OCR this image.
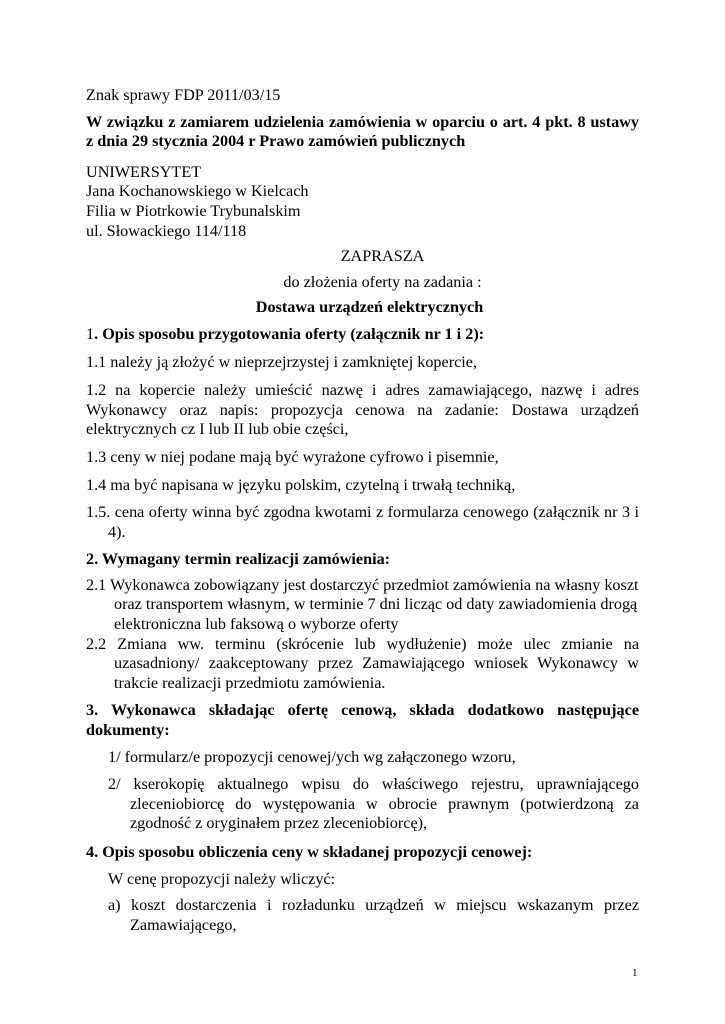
Znak sprawy FDP 2011/03/15

W związku z zamiarem udzielenia zamówienia w oparciu o art. 4 pkt. 8 ustawy z dnia 29 stycznia 2004 r Prawo zamówień publicznych

UNIWERSYTET

Jana Kochanowskiego w Kielcach

Filia w Piotrkowie Trybunalskim

ul. Słowackiego 114/118

ZAPRASZA

do złożenia oferty na zadania :

Dostawa urządzeń elektrycznych

1. Opis sposobu przygotowania oferty (załącznik nr 1 i 2):

1.1 należy ją złożyć w nieprzejrzystej i zamkniętej kopercie,

1.2 na kopercie należy umieścić nazwę i adres zamawiającego, nazwę i adres Wykonawcy oraz napis: propozycja cenowa na zadanie: Dostawa urządzeń elektrycznych cz I lub II lub obie części,

1.3 ceny w niej podane mają być wyrażone cyfrowo i pisemnie,

1.4 ma być napisana w języku polskim, czytelną i trwałą techniką,

1.5. cena oferty winna być zgodna kwotami z formularza cenowego (załącznik nr 3 i 4).

2. Wymagany termin realizacji zamówienia:

2.1 Wykonawca zobowiązany jest dostarczyć przedmiot zamówienia na własny koszt oraz transportem własnym, w terminie 7 dni licząc od daty zawiadomienia drogą elektroniczna lub faksową o wyborze oferty

2.2 Zmiana ww. terminu (skrócenie lub wydłużenie) może ulec zmianie na uzasadniony/ zaakceptowany przez Zamawiającego wniosek Wykonawcy w trakcie realizacji przedmiotu zamówienia.

3. Wykonawca składając ofertę cenową, składa dodatkowo następujące dokumenty:

1/ formularz/e propozycji cenowej/ych wg załączonego wzoru,

2/ kserokopię aktualnego wpisu do właściwego rejestru, uprawniającego zleceniobiorcę do występowania w obrocie prawnym (potwierdzoną za zgodność z oryginałem przez zleceniobiorcę),

4. Opis sposobu obliczenia ceny w składanej propozycji cenowej:

W cenę propozycji należy wliczyć:

a) koszt dostarczenia i rozładunku urządzeń w miejscu wskazanym przez Zamawiającego,

1
